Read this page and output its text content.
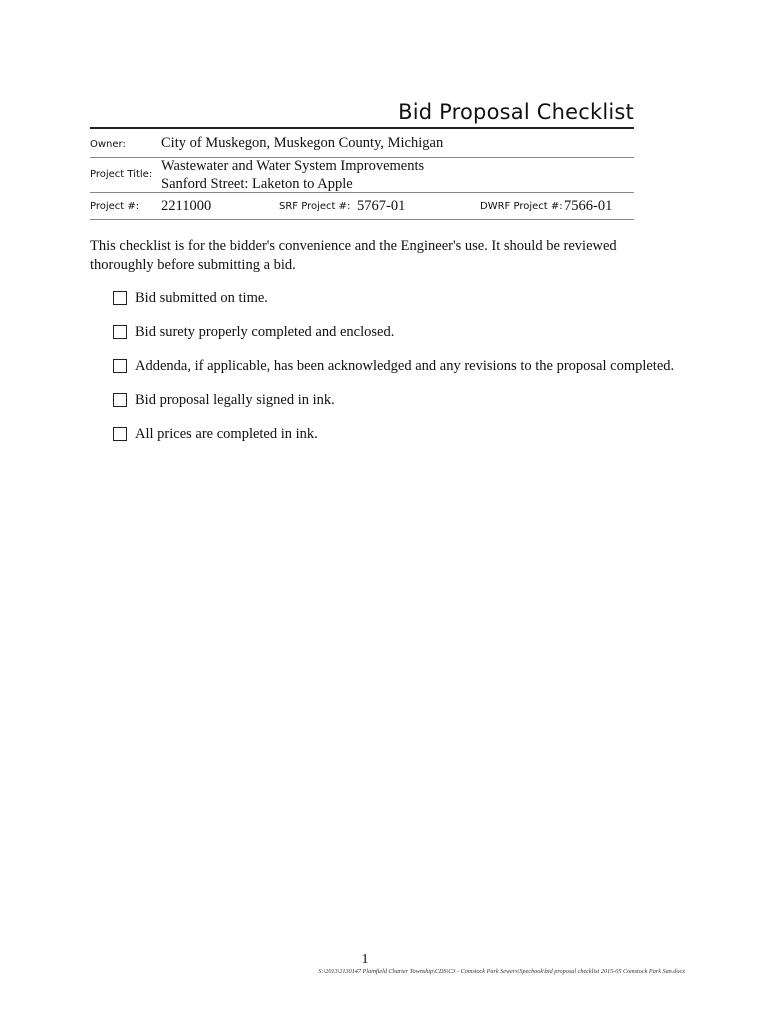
Bid Proposal Checklist
Owner: City of Muskegon, Muskegon County, Michigan
Project Title:
Wastewater and Water System Improvements
Sanford Street: Laketon to Apple
Project #: 2211000	SRF Project #: 5767-01	DWRF Project #: 7566-01
This checklist is for the bidder's convenience and the Engineer's use. It should be reviewed thoroughly before submitting a bid.
Bid submitted on time.
Bid surety properly completed and enclosed.
Addenda, if applicable, has been acknowledged and any revisions to the proposal completed.
Bid proposal legally signed in ink.
All prices are completed in ink.
1
S:\2013\2130147 Plainfield Charter Township\CDS\C3 - Comstock Park Sewers\Specbook\bid proposal checklist 2015-05 Comstock Park San.docx
